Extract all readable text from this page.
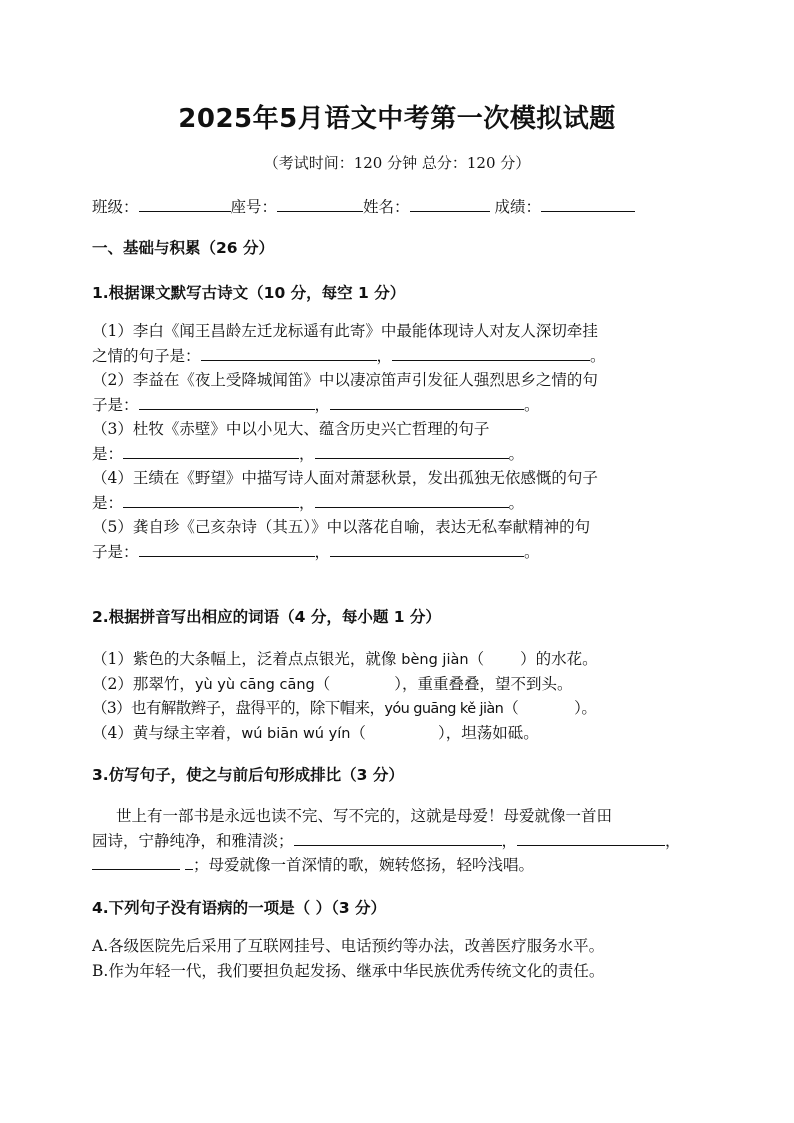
2025年5月语文中考第一次模拟试题
（考试时间：120 分钟 总分：120 分）
班级：	座号：	姓名：	成绩：
一、基础与积累（26 分）
1.根据课文默写古诗文（10 分，每空 1 分）
（1）李白《闻王昌龄左迁龙标遥有此寄》中最能体现诗人对友人深切牵挂
之情的句子是：	，	。
（2）李益在《夜上受降城闻笛》中以凄凉笛声引发征人强烈思乡之情的句
子是：	，	。
（3）杜牧《赤壁》中以小见大、蕴含历史兴亡哲理的句子
是：	，	。
（4）王绩在《野望》中描写诗人面对萧瑟秋景，发出孤独无依感慨的句子
是：	，	。
（5）龚自珍《己亥杂诗（其五）》中以落花自喻，表达无私奉献精神的句
子是：	，	。
2.根据拼音写出相应的词语（4 分，每小题 1 分）
（1）紫色的大条幅上，泛着点点银光，就像 bèng jiàn（ ）的水花。
（2）那翠竹，yù yù cāng cāng（	），重重叠叠，望不到头。
（3）也有解散辫子，盘得平的，除下帽来，yóu guāng kě jiàn（	）。
（4）黄与绿主宰着，wú biān wú yín（	），坦荡如砥。
3.仿写句子，使之与前后句形成排比（3 分）
世上有一部书是永远也读不完、写不完的，这就是母爱！母爱就像一首田
园诗，宁静纯净，和雅清淡；	，	，
；母爱就像一首深情的歌，婉转悠扬，轻吟浅唱。
4.下列句子没有语病的一项是（ ）（3 分）
A.各级医院先后采用了互联网挂号、电话预约等办法，改善医疗服务水平。
B.作为年轻一代，我们要担负起发扬、继承中华民族优秀传统文化的责任。
